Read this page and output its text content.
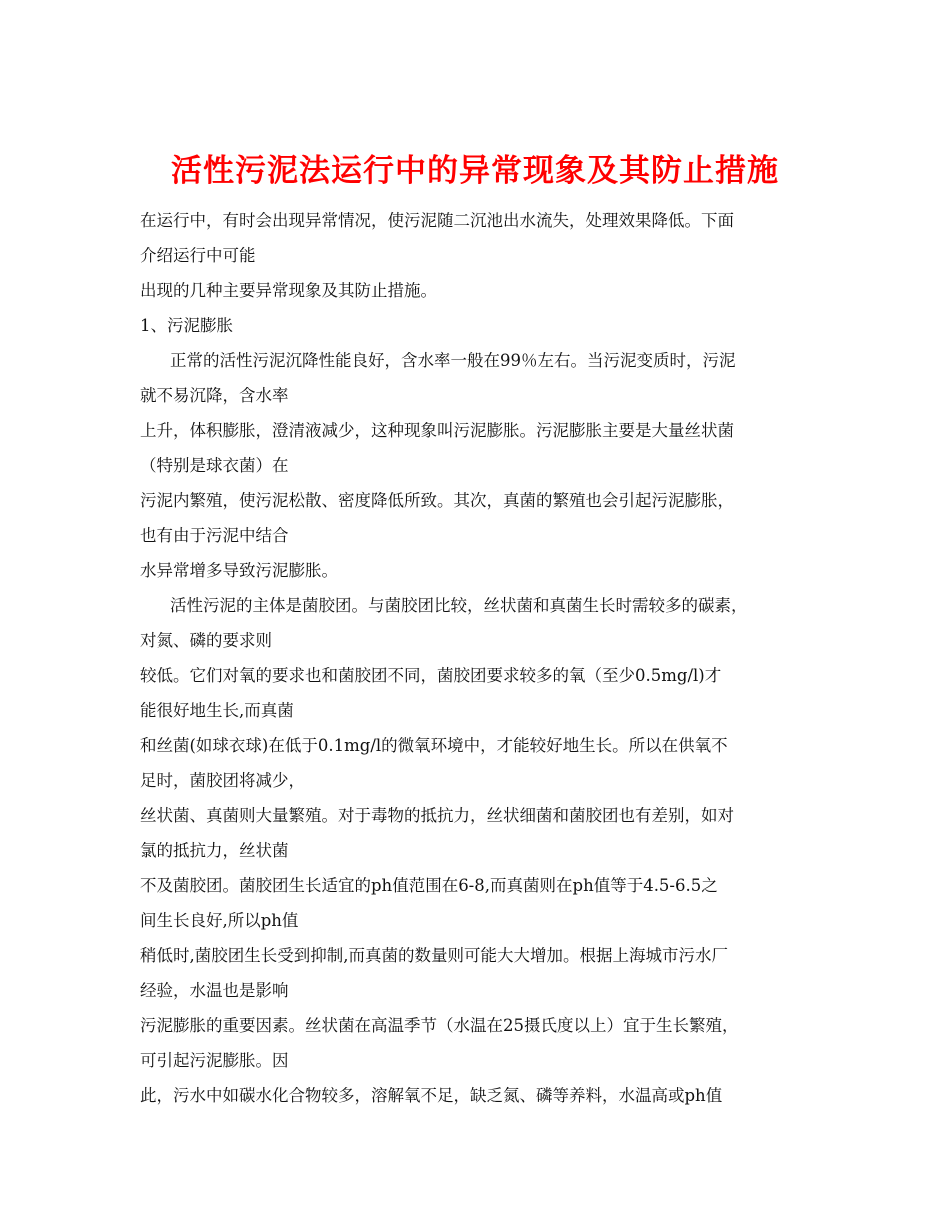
活性污泥法运行中的异常现象及其防止措施
在运行中，有时会出现异常情况，使污泥随二沉池出水流失，处理效果降低。下面
介绍运行中可能
出现的几种主要异常现象及其防止措施。
1、污泥膨胀
正常的活性污泥沉降性能良好，含水率一般在99％左右。当污泥变质时，污泥
就不易沉降，含水率
上升，体积膨胀，澄清液减少，这种现象叫污泥膨胀。污泥膨胀主要是大量丝状菌
（特别是球衣菌）在
污泥内繁殖，使污泥松散、密度降低所致。其次，真菌的繁殖也会引起污泥膨胀，
也有由于污泥中结合
水异常增多导致污泥膨胀。
活性污泥的主体是菌胶团。与菌胶团比较，丝状菌和真菌生长时需较多的碳素，
对氮、磷的要求则
较低。它们对氧的要求也和菌胶团不同，菌胶团要求较多的氧（至少0.5mg/l)才
能很好地生长,而真菌
和丝菌(如球衣球)在低于0.1mg/l的微氧环境中，才能较好地生长。所以在供氧不
足时，菌胶团将减少，
丝状菌、真菌则大量繁殖。对于毒物的抵抗力，丝状细菌和菌胶团也有差别，如对
氯的抵抗力，丝状菌
不及菌胶团。菌胶团生长适宜的ph值范围在6-8,而真菌则在ph值等于4.5-6.5之
间生长良好,所以ph值
稍低时,菌胶团生长受到抑制,而真菌的数量则可能大大增加。根据上海城市污水厂
经验，水温也是影响
污泥膨胀的重要因素。丝状菌在高温季节（水温在25摄氏度以上）宜于生长繁殖，
可引起污泥膨胀。因
此，污水中如碳水化合物较多，溶解氧不足，缺乏氮、磷等养料，水温高或ph值
